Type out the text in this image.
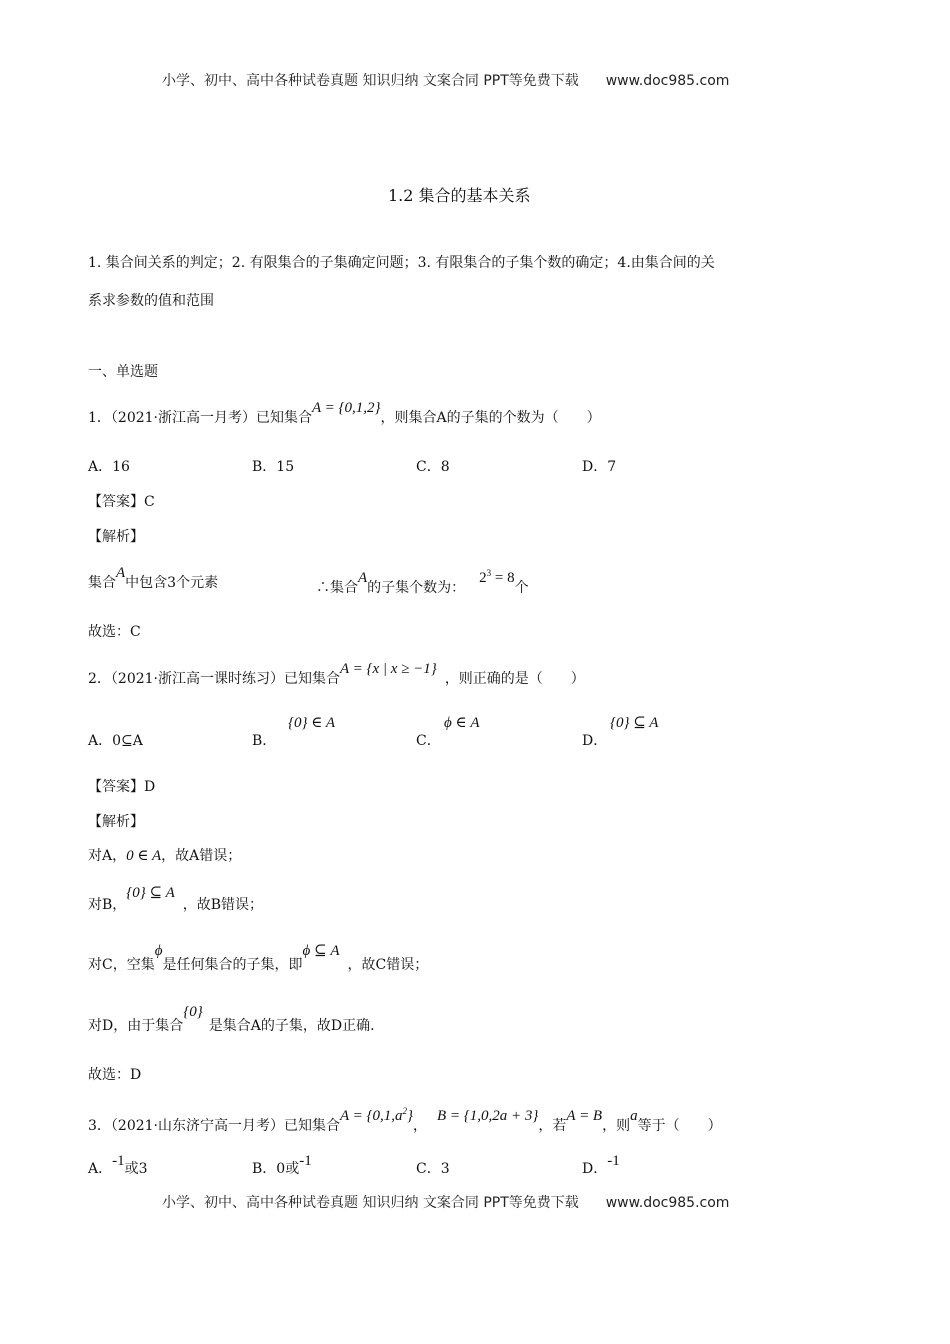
小学、初中、高中各种试卷真题 知识归纳 文案合同 PPT等免费下载 www.doc985.com
1.2 集合的基本关系
1. 集合间关系的判定；2. 有限集合的子集确定问题；3. 有限集合的子集个数的确定；4.由集合间的关
系求参数的值和范围
一、单选题
1．（2021·浙江高一月考）已知集合A = {0,1,2}，则集合A的子集的个数为（　　）
A．16	B．15	C．8	D．7
【答案】C
【解析】
集合A中包含3个元素	∴集合A的子集个数为：$2^3 = 8$个
故选：C
2．（2021·浙江高一课时练习）已知集合A = {x | x ≥ −1}，则正确的是（　　）
A．0⊆A	B．
{0} ∈ A
C．
ϕ ∈ A
D．
{0} ⊆ A
【答案】D
【解析】
对A，0 ∈ A，故A错误；
对B，{0} ⊆ A，故B错误；
对C，空集ϕ是任何集合的子集，即ϕ ⊆ A，故C错误；
对D，由于集合{0}是集合A的子集，故D正确.
故选：D
3．（2021·山东济宁高一月考）已知集合$A = \{0,1,a^2\}$，B = {1,0,2a + 3}，若A = B，则a等于（　　）
A．-1或3	B．0或-1	C．3	D．-1
小学、初中、高中各种试卷真题 知识归纳 文案合同 PPT等免费下载 www.doc985.com
